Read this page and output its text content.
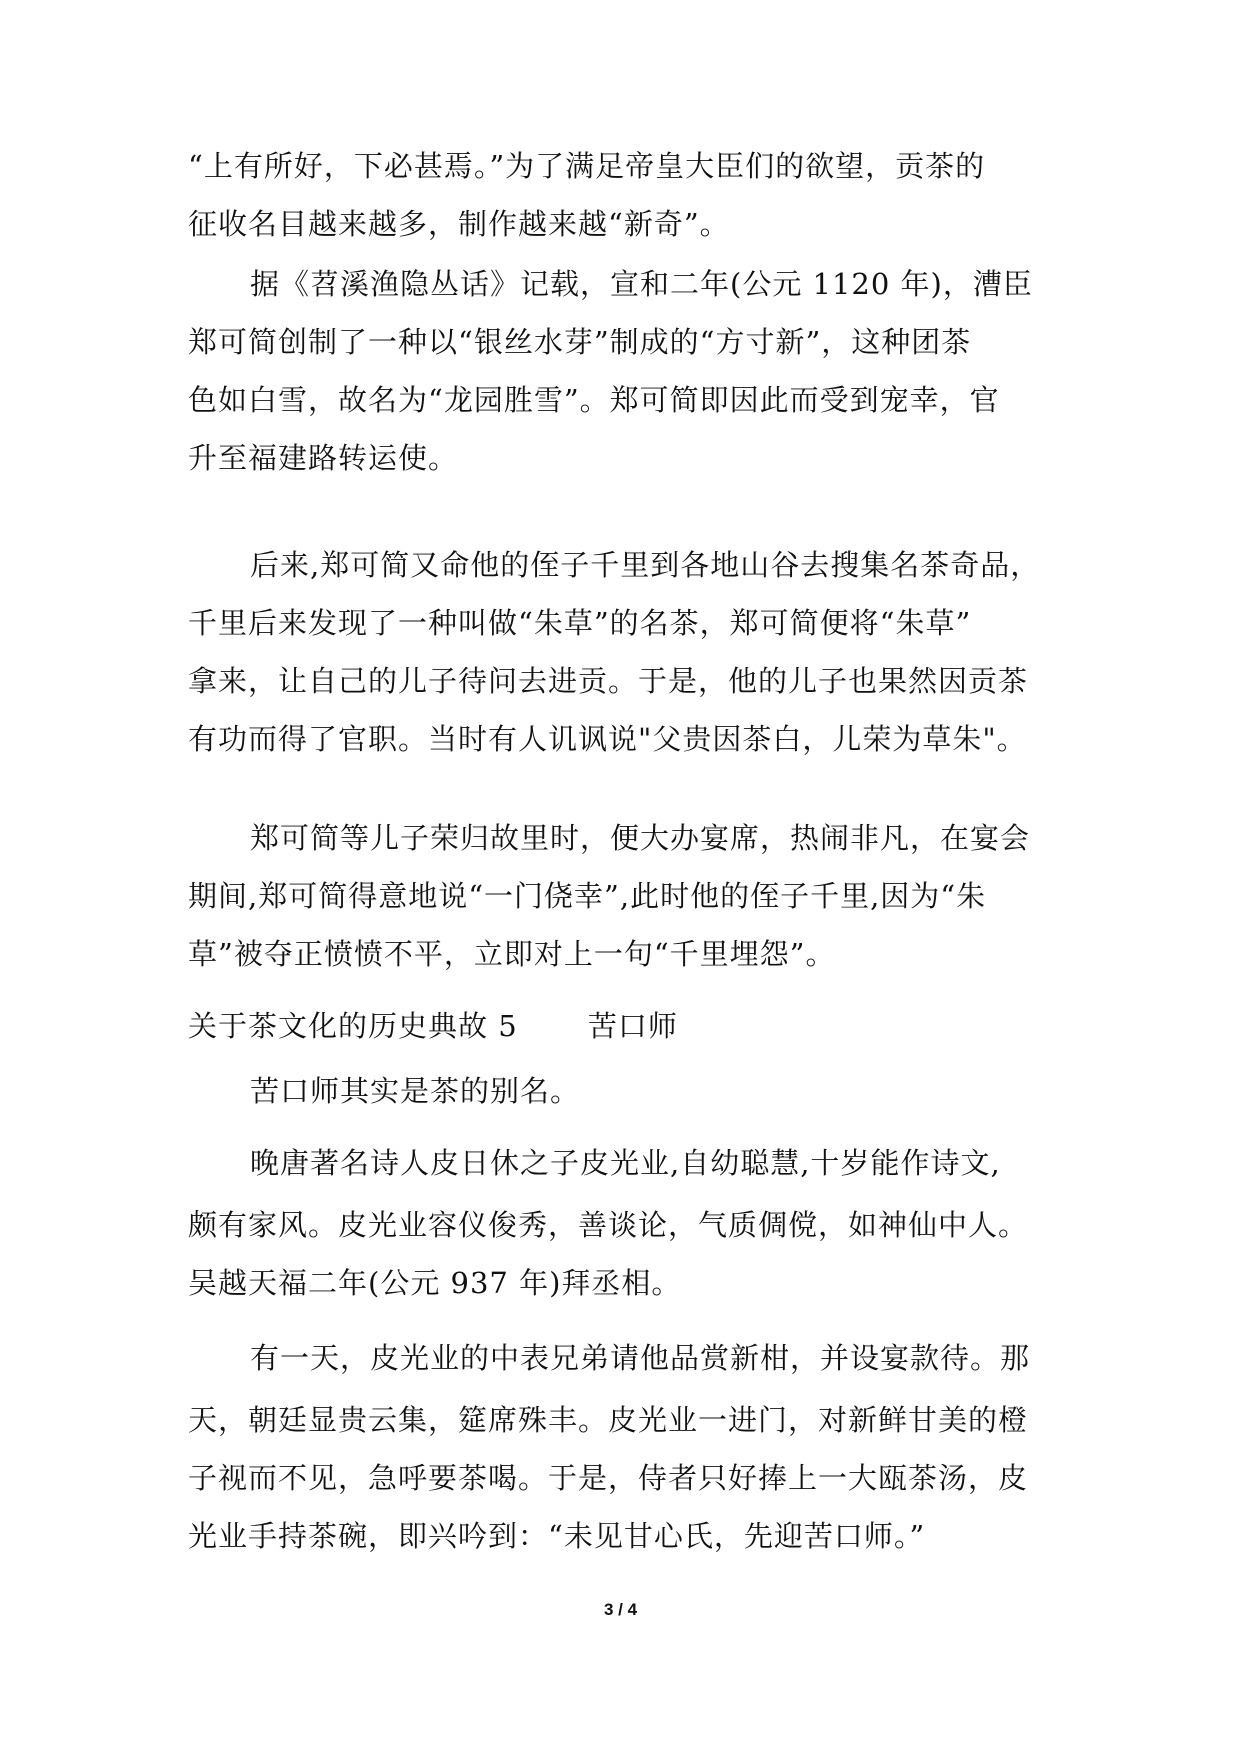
“上有所好，下必甚焉。”为了满足帝皇大臣们的欲望，贡茶的
征收名目越来越多，制作越来越“新奇”。
据《苕溪渔隐丛话》记载，宣和二年(公元 1120 年)，漕臣
郑可简创制了一种以“银丝水芽”制成的“方寸新”，这种团茶
色如白雪，故名为“龙园胜雪”。郑可简即因此而受到宠幸，官
升至福建路转运使。
后来,郑可简又命他的侄子千里到各地山谷去搜集名茶奇品，
千里后来发现了一种叫做“朱草”的名茶，郑可简便将“朱草”
拿来，让自己的儿子待问去进贡。于是，他的儿子也果然因贡茶
有功而得了官职。当时有人讥讽说"父贵因茶白，儿荣为草朱"。
郑可简等儿子荣归故里时，便大办宴席，热闹非凡，在宴会
期间,郑可简得意地说“一门侥幸”,此时他的侄子千里,因为“朱
草”被夺正愤愤不平，立即对上一句“千里埋怨”。
关于茶文化的历史典故 5 苦口师
苦口师其实是茶的别名。
晚唐著名诗人皮日休之子皮光业,自幼聪慧,十岁能作诗文,
颇有家风。皮光业容仪俊秀，善谈论，气质倜傥，如神仙中人。
吴越天福二年(公元 937 年)拜丞相。
有一天，皮光业的中表兄弟请他品赏新柑，并设宴款待。那
天，朝廷显贵云集，筵席殊丰。皮光业一进门，对新鲜甘美的橙
子视而不见，急呼要茶喝。于是，侍者只好捧上一大瓯茶汤，皮
光业手持茶碗，即兴吟到：“未见甘心氏，先迎苦口师。”
3 / 4
